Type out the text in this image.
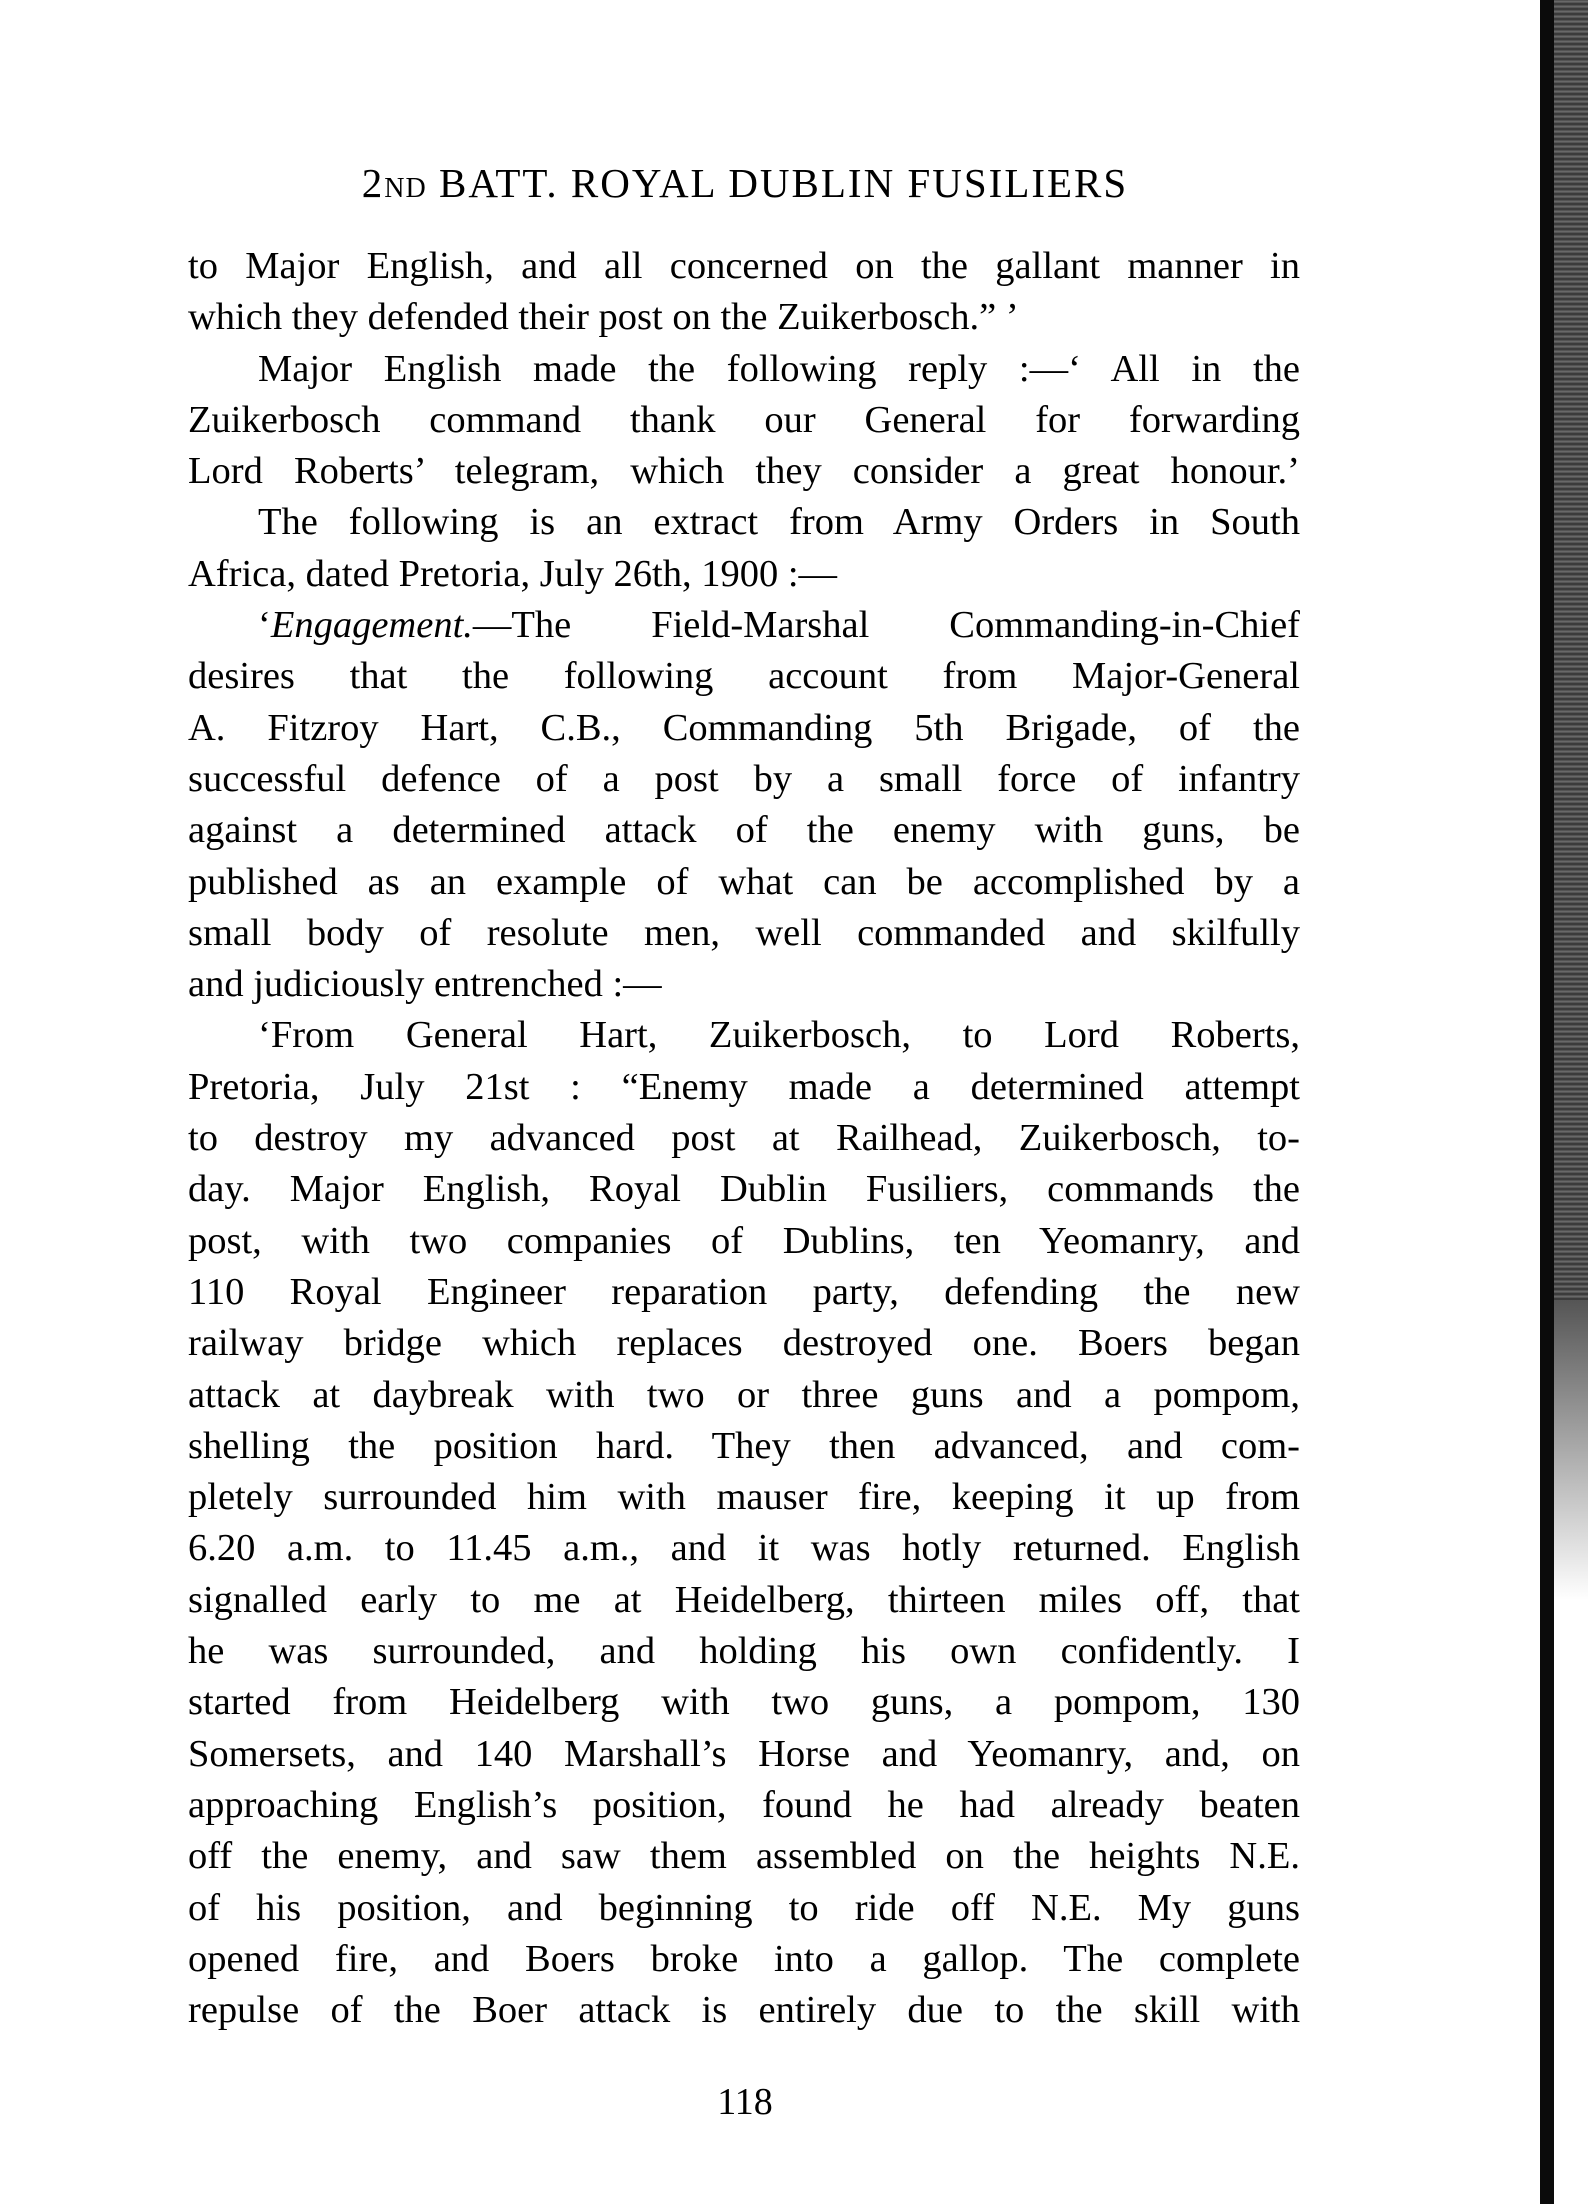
2ND BATT. ROYAL DUBLIN FUSILIERS
to Major English, and all concerned on the gallant manner in
which they defended their post on the Zuikerbosch.” ’
Major English made the following reply :—‘ All in the
Zuikerbosch command thank our General for forwarding
Lord Roberts’ telegram, which they consider a great honour.’
The following is an extract from Army Orders in South
Africa, dated Pretoria, July 26th, 1900 :—
‘Engagement.—The Field-Marshal Commanding-in-Chief
desires that the following account from Major-General
A. Fitzroy Hart, C.B., Commanding 5th Brigade, of the
successful defence of a post by a small force of infantry
against a determined attack of the enemy with guns, be
published as an example of what can be accomplished by a
small body of resolute men, well commanded and skilfully
and judiciously entrenched :—
‘From General Hart, Zuikerbosch, to Lord Roberts,
Pretoria, July 21st : “Enemy made a determined attempt
to destroy my advanced post at Railhead, Zuikerbosch, to-
day. Major English, Royal Dublin Fusiliers, commands the
post, with two companies of Dublins, ten Yeomanry, and
110 Royal Engineer reparation party, defending the new
railway bridge which replaces destroyed one. Boers began
attack at daybreak with two or three guns and a pompom,
shelling the position hard. They then advanced, and com-
pletely surrounded him with mauser fire, keeping it up from
6.20 a.m. to 11.45 a.m., and it was hotly returned. English
signalled early to me at Heidelberg, thirteen miles off, that
he was surrounded, and holding his own confidently. I
started from Heidelberg with two guns, a pompom, 130
Somersets, and 140 Marshall’s Horse and Yeomanry, and, on
approaching English’s position, found he had already beaten
off the enemy, and saw them assembled on the heights N.E.
of his position, and beginning to ride off N.E. My guns
opened fire, and Boers broke into a gallop. The complete
repulse of the Boer attack is entirely due to the skill with
118
